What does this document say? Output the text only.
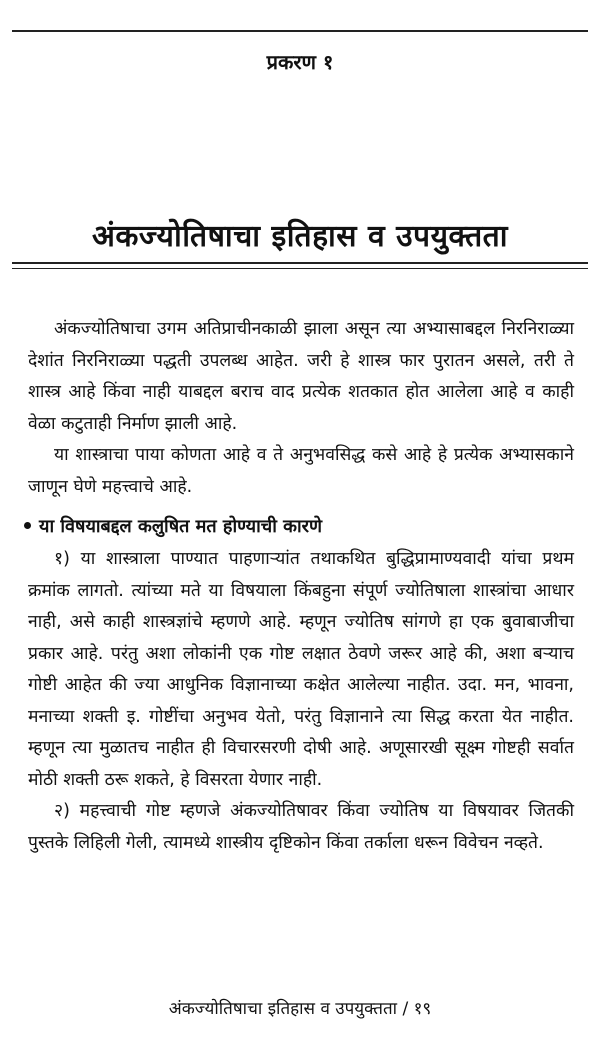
प्रकरण १
अंकज्योतिषाचा इतिहास व उपयुक्तता

अंकज्योतिषाचा उगम अतिप्राचीनकाळी झाला असून त्या अभ्यासाबद्दल निरनिराळ्या देशांत निरनिराळ्या पद्धती उपलब्ध आहेत. जरी हे शास्त्र फार पुरातन असले, तरी ते शास्त्र आहे किंवा नाही याबद्दल बराच वाद प्रत्येक शतकात होत आलेला आहे व काही वेळा कटुताही निर्माण झाली आहे.

या शास्त्राचा पाया कोणता आहे व ते अनुभवसिद्ध कसे आहे हे प्रत्येक अभ्यासकाने जाणून घेणे महत्त्वाचे आहे.

या विषयाबद्दल कलुषित मत होण्याची कारणे

१) या शास्त्राला पाण्यात पाहणाऱ्यांत तथाकथित बुद्धिप्रामाण्यवादी यांचा प्रथम क्रमांक लागतो. त्यांच्या मते या विषयाला किंबहुना संपूर्ण ज्योतिषाला शास्त्रांचा आधार नाही, असे काही शास्त्रज्ञांचे म्हणणे आहे. म्हणून ज्योतिष सांगणे हा एक बुवाबाजीचा प्रकार आहे. परंतु अशा लोकांनी एक गोष्ट लक्षात ठेवणे जरूर आहे की, अशा बऱ्याच गोष्टी आहेत की ज्या आधुनिक विज्ञानाच्या कक्षेत आलेल्या नाहीत. उदा. मन, भावना, मनाच्या शक्ती इ. गोष्टींचा अनुभव येतो, परंतु विज्ञानाने त्या सिद्ध करता येत नाहीत. म्हणून त्या मुळातच नाहीत ही विचारसरणी दोषी आहे. अणूसारखी सूक्ष्म गोष्टही सर्वात मोठी शक्ती ठरू शकते, हे विसरता येणार नाही.

२) महत्त्वाची गोष्ट म्हणजे अंकज्योतिषावर किंवा ज्योतिष या विषयावर जितकी पुस्तके लिहिली गेली, त्यामध्ये शास्त्रीय दृष्टिकोन किंवा तर्काला धरून विवेचन नव्हते.

अंकज्योतिषाचा इतिहास व उपयुक्तता / १९
